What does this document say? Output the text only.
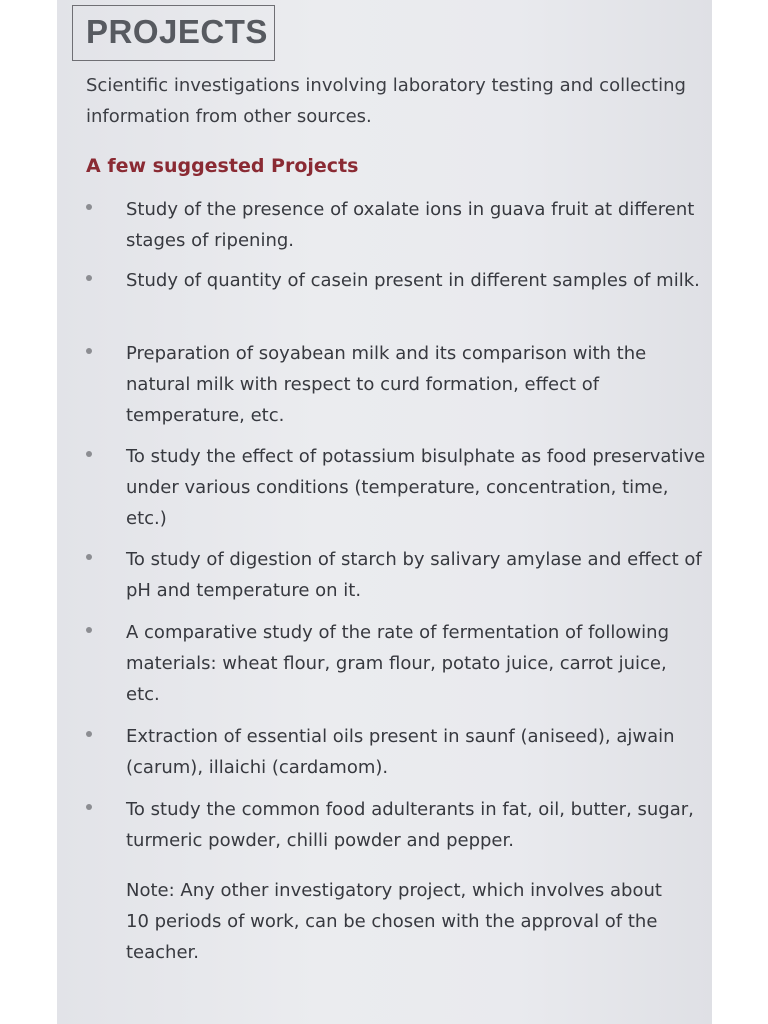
PROJECTS

Scientific investigations involving laboratory testing and collecting information from other sources.

A few suggested Projects

Study of the presence of oxalate ions in guava fruit at different stages of ripening.

Study of quantity of casein present in different samples of milk.

Preparation of soyabean milk and its comparison with the natural milk with respect to curd formation, effect of temperature, etc.

To study the effect of potassium bisulphate as food preservative under various conditions (temperature, concentration, time, etc.)

To study of digestion of starch by salivary amylase and effect of pH and temperature on it.

A comparative study of the rate of fermentation of following materials: wheat flour, gram flour, potato juice, carrot juice, etc.

Extraction of essential oils present in saunf (aniseed), ajwain (carum), illaichi (cardamom).

To study the common food adulterants in fat, oil, butter, sugar, turmeric powder, chilli powder and pepper.

Note: Any other investigatory project, which involves about 10 periods of work, can be chosen with the approval of the teacher.
